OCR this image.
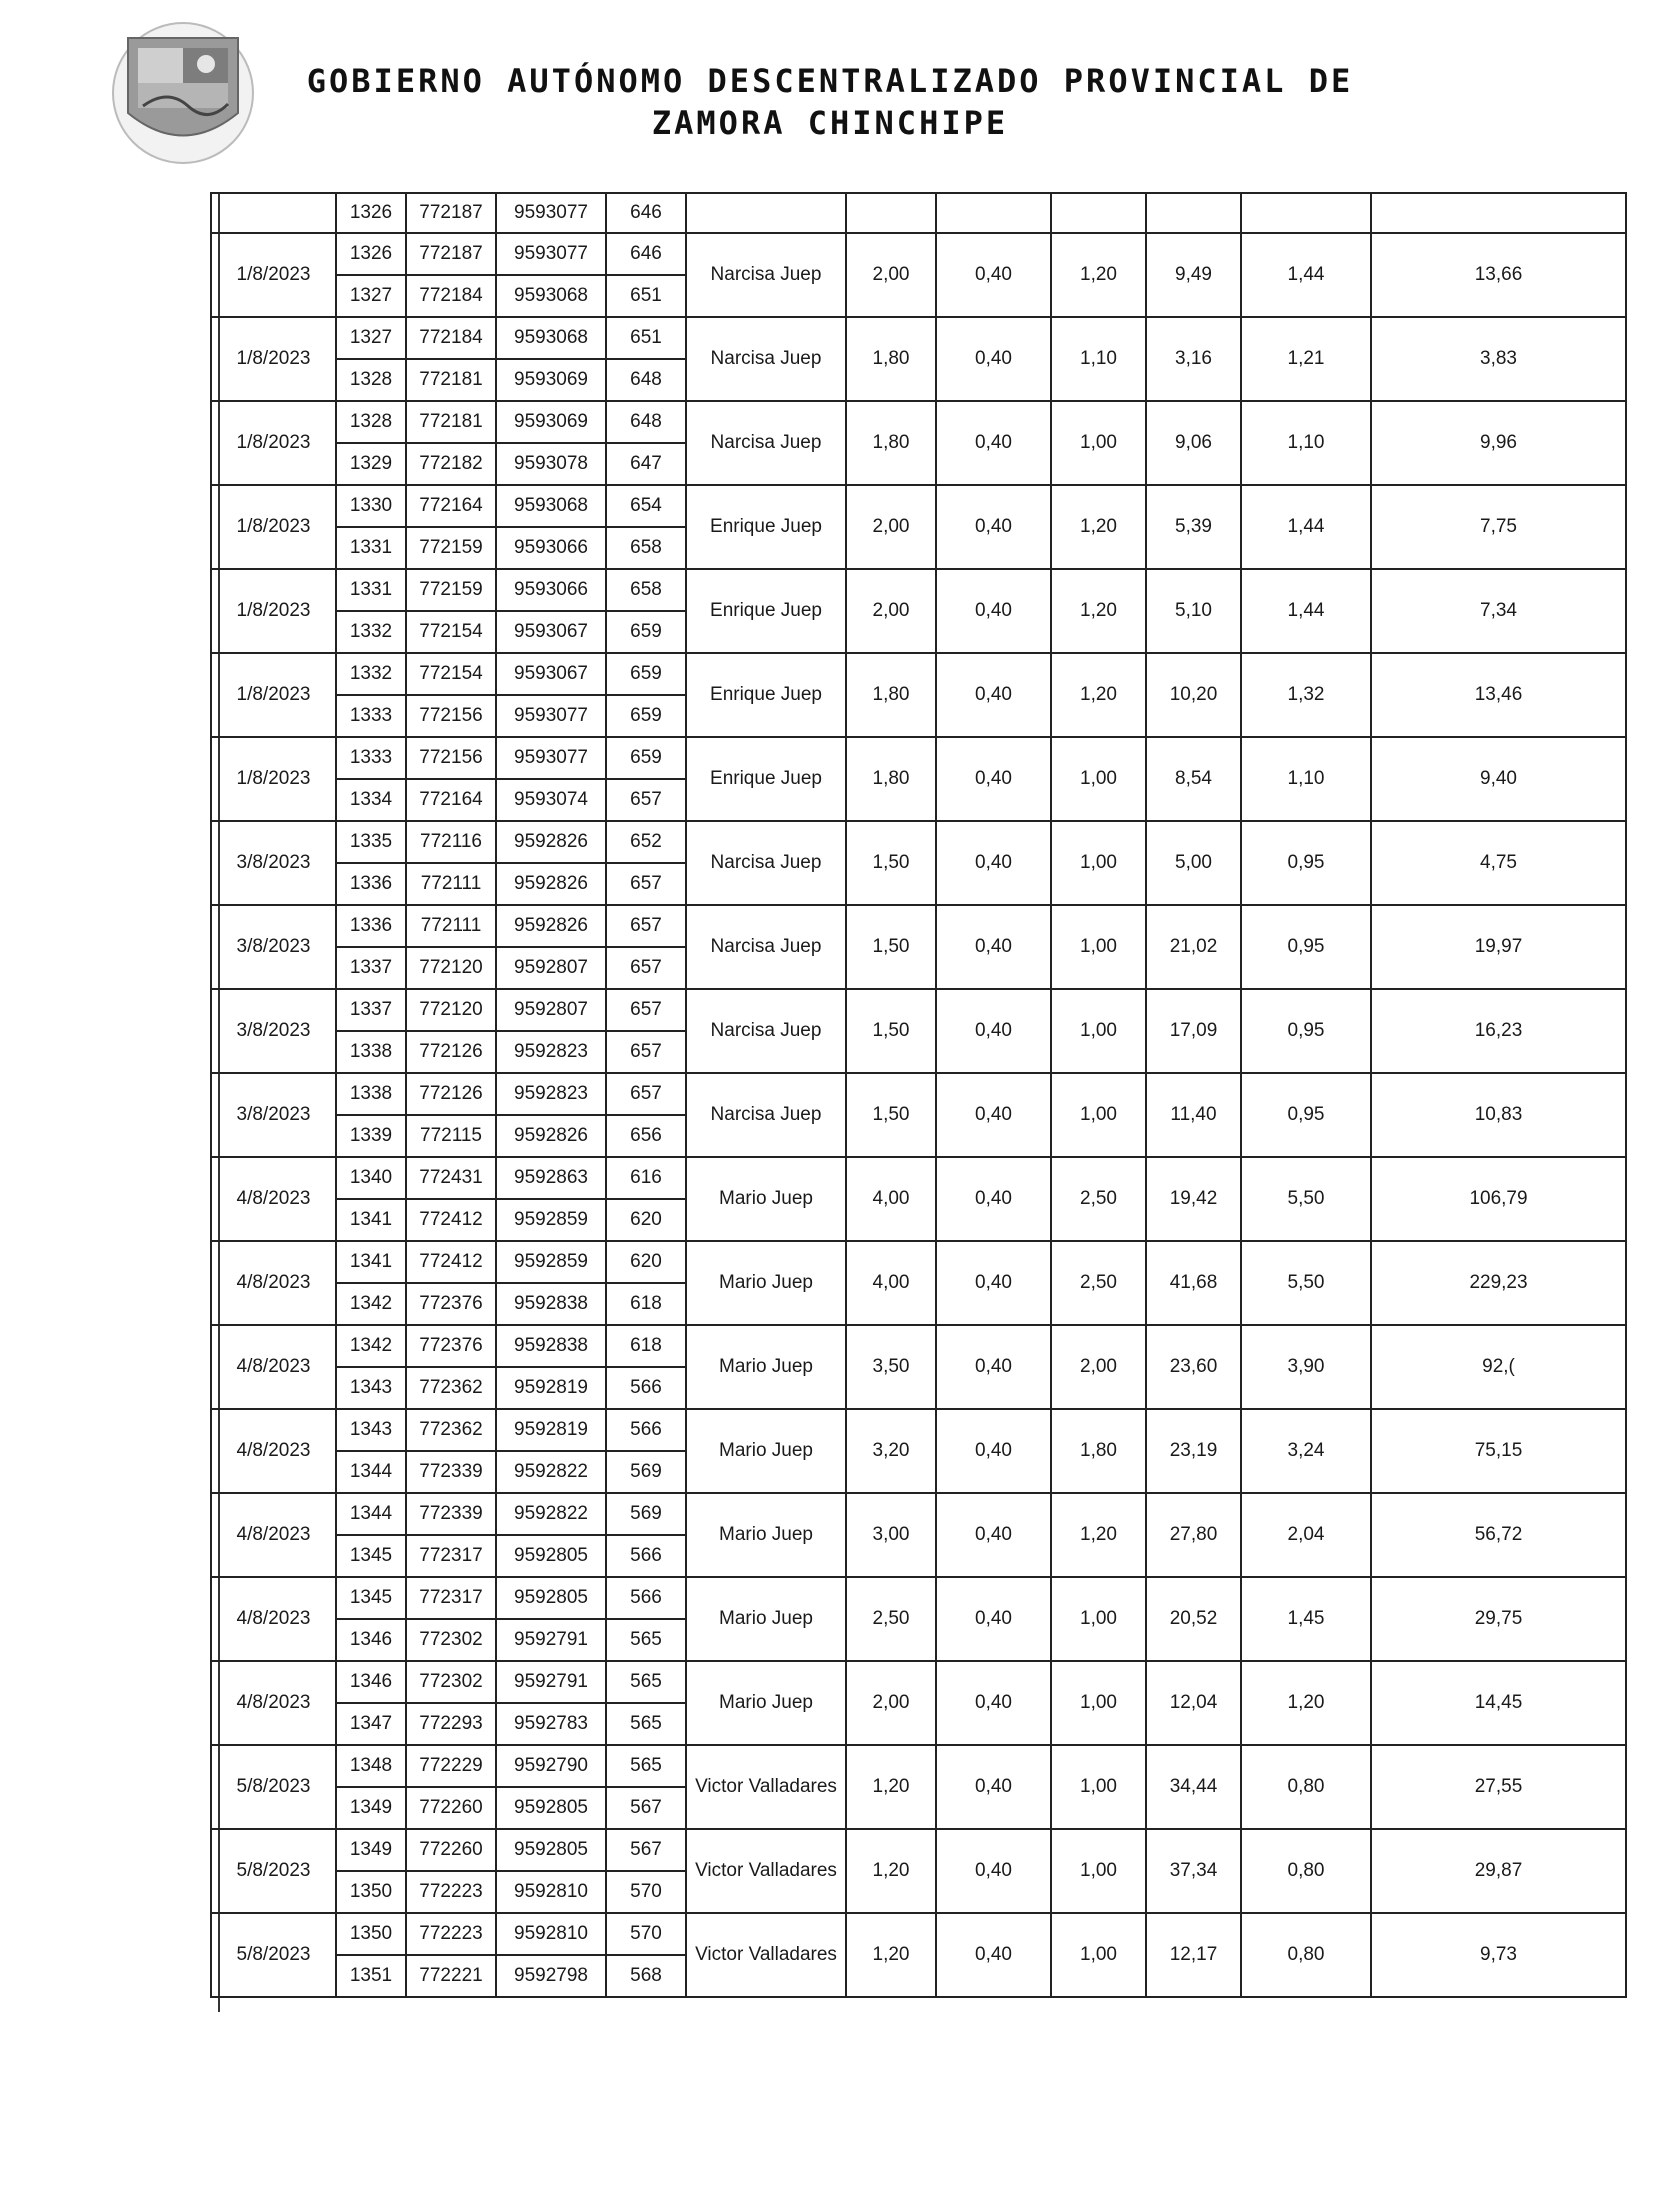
GOBIERNO AUTÓNOMO DESCENTRALIZADO PROVINCIAL DE
ZAMORA CHINCHIPE
	1326	772187	9593077	646							
1/8/2023	1326	772187	9593077	646	Narcisa Juep	2,00	0,40	1,20	9,49	1,44	13,66
	1327	772184	9593068	651							
1/8/2023	1327	772184	9593068	651	Narcisa Juep	1,80	0,40	1,10	3,16	1,21	3,83
	1328	772181	9593069	648							
1/8/2023	1328	772181	9593069	648	Narcisa Juep	1,80	0,40	1,00	9,06	1,10	9,96
	1329	772182	9593078	647							
1/8/2023	1330	772164	9593068	654	Enrique Juep	2,00	0,40	1,20	5,39	1,44	7,75
	1331	772159	9593066	658							
1/8/2023	1331	772159	9593066	658	Enrique Juep	2,00	0,40	1,20	5,10	1,44	7,34
	1332	772154	9593067	659							
1/8/2023	1332	772154	9593067	659	Enrique Juep	1,80	0,40	1,20	10,20	1,32	13,46
	1333	772156	9593077	659							
1/8/2023	1333	772156	9593077	659	Enrique Juep	1,80	0,40	1,00	8,54	1,10	9,40
	1334	772164	9593074	657							
3/8/2023	1335	772116	9592826	652	Narcisa Juep	1,50	0,40	1,00	5,00	0,95	4,75
	1336	772111	9592826	657							
3/8/2023	1336	772111	9592826	657	Narcisa Juep	1,50	0,40	1,00	21,02	0,95	19,97
	1337	772120	9592807	657							
3/8/2023	1337	772120	9592807	657	Narcisa Juep	1,50	0,40	1,00	17,09	0,95	16,23
	1338	772126	9592823	657							
3/8/2023	1338	772126	9592823	657	Narcisa Juep	1,50	0,40	1,00	11,40	0,95	10,83
	1339	772115	9592826	656							
4/8/2023	1340	772431	9592863	616	Mario Juep	4,00	0,40	2,50	19,42	5,50	106,79
	1341	772412	9592859	620							
4/8/2023	1341	772412	9592859	620	Mario Juep	4,00	0,40	2,50	41,68	5,50	229,23
	1342	772376	9592838	618							
4/8/2023	1342	772376	9592838	618	Mario Juep	3,50	0,40	2,00	23,60	3,90	92,(
	1343	772362	9592819	566							
4/8/2023	1343	772362	9592819	566	Mario Juep	3,20	0,40	1,80	23,19	3,24	75,15
	1344	772339	9592822	569							
4/8/2023	1344	772339	9592822	569	Mario Juep	3,00	0,40	1,20	27,80	2,04	56,72
	1345	772317	9592805	566							
4/8/2023	1345	772317	9592805	566	Mario Juep	2,50	0,40	1,00	20,52	1,45	29,75
	1346	772302	9592791	565							
4/8/2023	1346	772302	9592791	565	Mario Juep	2,00	0,40	1,00	12,04	1,20	14,45
	1347	772293	9592783	565							
5/8/2023	1348	772229	9592790	565	Victor Valladares	1,20	0,40	1,00	34,44	0,80	27,55
	1349	772260	9592805	567							
5/8/2023	1349	772260	9592805	567	Victor Valladares	1,20	0,40	1,00	37,34	0,80	29,87
	1350	772223	9592810	570							
5/8/2023	1350	772223	9592810	570	Victor Valladares	1,20	0,40	1,00	12,17	0,80	9,73
	1351	772221	9592798	568							
